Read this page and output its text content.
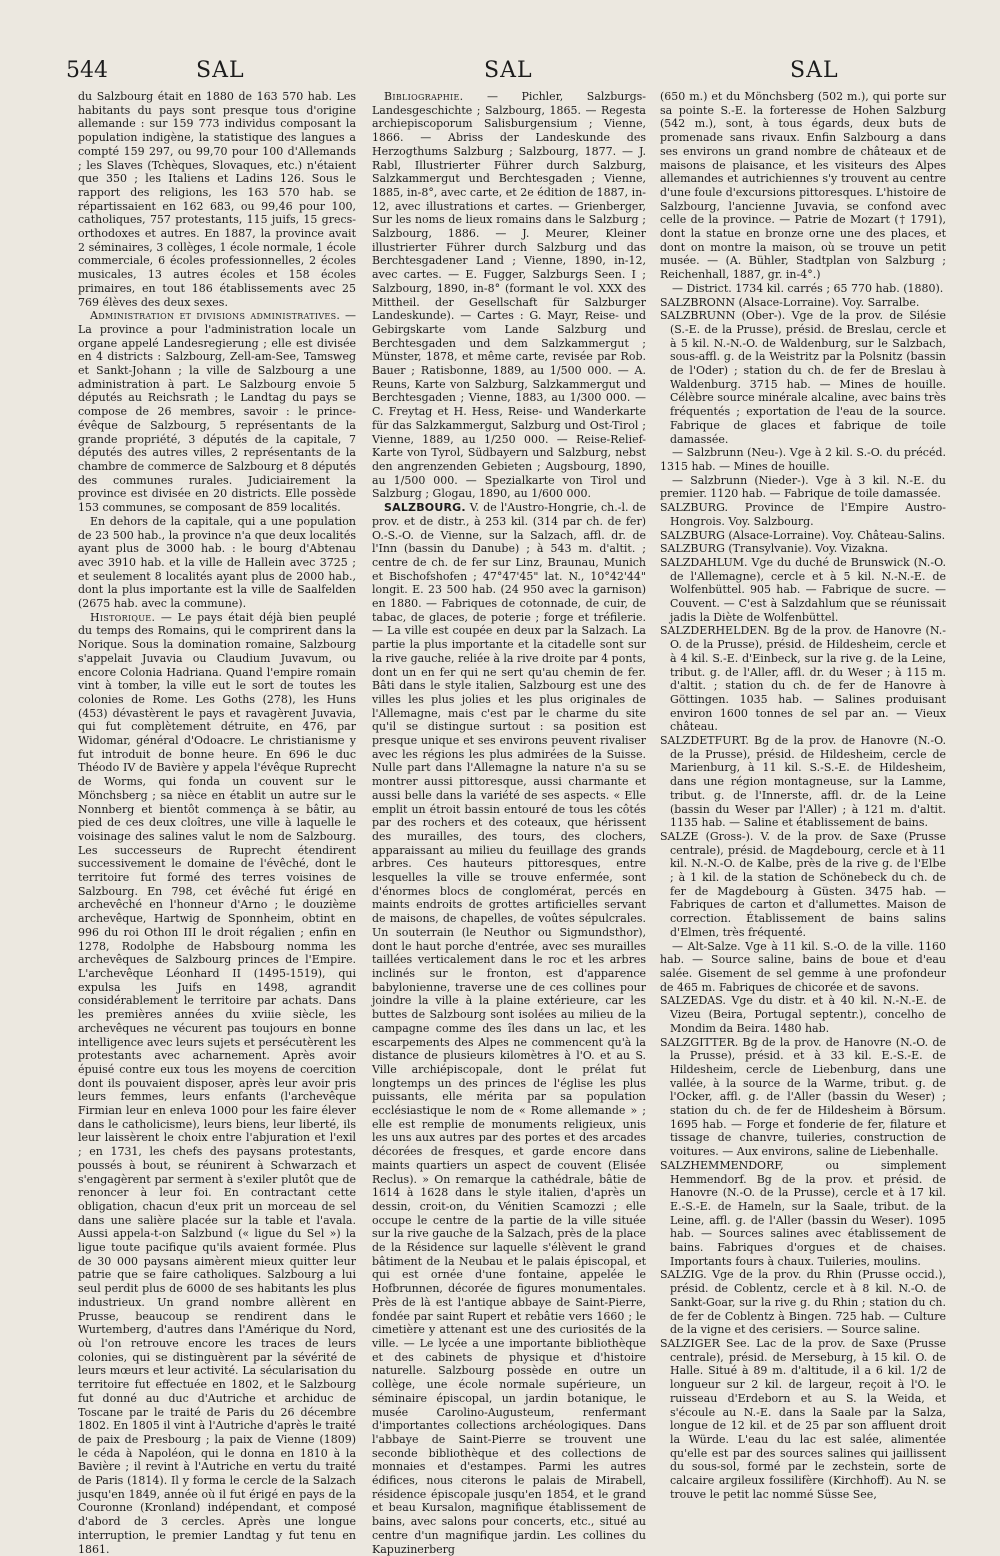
544	SAL	SAL	SAL

du Salzbourg était en 1880 de 163 570 hab. Les habitants du pays sont presque tous d'origine allemande : sur 159 773 individus composant la population indigène, la statistique des langues a compté 159 297, ou 99,70 pour 100 d'Allemands ; les Slaves (Tchèques, Slovaques, etc.) n'étaient que 350 ; les Italiens et Ladins 126. Sous le rapport des religions, les 163 570 hab. se répartissaient en 162 683, ou 99,46 pour 100, catholiques, 757 protestants, 115 juifs, 15 grecs-orthodoxes et autres. En 1887, la province avait 2 séminaires, 3 collèges, 1 école normale, 1 école commerciale, 6 écoles professionnelles, 2 écoles musicales, 13 autres écoles et 158 écoles primaires, en tout 186 établissements avec 25 769 élèves des deux sexes.

Administration et divisions administratives. — La province a pour l'administration locale un organe appelé Landesregierung ; elle est divisée en 4 districts : Salzbourg, Zell-am-See, Tamsweg et Sankt-Johann ; la ville de Salzbourg a une administration à part. Le Salzbourg envoie 5 députés au Reichsrath ; le Landtag du pays se compose de 26 membres, savoir : le prince-évêque de Salzbourg, 5 représentants de la grande propriété, 3 députés de la capitale, 7 députés des autres villes, 2 représentants de la chambre de commerce de Salzbourg et 8 députés des communes rurales. Judiciairement la province est divisée en 20 districts. Elle possède 153 communes, se composant de 859 localités.

En dehors de la capitale, qui a une population de 23 500 hab., la province n'a que deux localités ayant plus de 3000 hab. : le bourg d'Abtenau avec 3910 hab. et la ville de Hallein avec 3725 ; et seulement 8 localités ayant plus de 2000 hab., dont la plus importante est la ville de Saalfelden (2675 hab. avec la commune).

Historique. — Le pays était déjà bien peuplé du temps des Romains, qui le comprirent dans la Norique. Sous la domination romaine, Salzbourg s'appelait Juvavia ou Claudium Juvavum, ou encore Colonia Hadriana. Quand l'empire romain vint à tomber, la ville eut le sort de toutes les colonies de Rome. Les Goths (278), les Huns (453) dévastèrent le pays et ravagèrent Juvavia, qui fut complètement détruite, en 476, par Widomar, général d'Odoacre. Le christianisme y fut introduit de bonne heure. En 696 le duc Théodo IV de Bavière y appela l'évêque Ruprecht de Worms, qui fonda un couvent sur le Mönchsberg ; sa nièce en établit un autre sur le Nonnberg et bientôt commença à se bâtir, au pied de ces deux cloîtres, une ville à laquelle le voisinage des salines valut le nom de Salzbourg. Les successeurs de Ruprecht étendirent successivement le domaine de l'évêché, dont le territoire fut formé des terres voisines de Salzbourg. En 798, cet évêché fut érigé en archevêché en l'honneur d'Arno ; le douzième archevêque, Hartwig de Sponnheim, obtint en 996 du roi Othon III le droit régalien ; enfin en 1278, Rodolphe de Habsbourg nomma les archevêques de Salzbourg princes de l'Empire. L'archevêque Léonhard II (1495-1519), qui expulsa les Juifs en 1498, agrandit considérablement le territoire par achats. Dans les premières années du xviiie siècle, les archevêques ne vécurent pas toujours en bonne intelligence avec leurs sujets et persécutèrent les protestants avec acharnement. Après avoir épuisé contre eux tous les moyens de coercition dont ils pouvaient disposer, après leur avoir pris leurs femmes, leurs enfants (l'archevêque Firmian leur en enleva 1000 pour les faire élever dans le catholicisme), leurs biens, leur liberté, ils leur laissèrent le choix entre l'abjuration et l'exil ; en 1731, les chefs des paysans protestants, poussés à bout, se réunirent à Schwarzach et s'engagèrent par serment à s'exiler plutôt que de renoncer à leur foi. En contractant cette obligation, chacun d'eux prit un morceau de sel dans une salière placée sur la table et l'avala. Aussi appela-t-on Salzbund (« ligue du Sel ») la ligue toute pacifique qu'ils avaient formée. Plus de 30 000 paysans aimèrent mieux quitter leur patrie que se faire catholiques. Salzbourg a lui seul perdit plus de 6000 de ses habitants les plus industrieux. Un grand nombre allèrent en Prusse, beaucoup se rendirent dans le Wurtemberg, d'autres dans l'Amérique du Nord, où l'on retrouve encore les traces de leurs colonies, qui se distinguèrent par la sévérité de leurs mœurs et leur activité. La sécularisation du territoire fut effectuée en 1802, et le Salzbourg fut donné au duc d'Autriche et archiduc de Toscane par le traité de Paris du 26 décembre 1802. En 1805 il vint à l'Autriche d'après le traité de paix de Presbourg ; la paix de Vienne (1809) le céda à Napoléon, qui le donna en 1810 à la Bavière ; il revint à l'Autriche en vertu du traité de Paris (1814). Il y forma le cercle de la Salzach jusqu'en 1849, année où il fut érigé en pays de la Couronne (Kronland) indépendant, et composé d'abord de 3 cercles. Après une longue interruption, le premier Landtag y fut tenu en 1861.

Bibliographie. — Pichler, Salzburgs-Landesgeschichte ; Salzbourg, 1865. — Regesta archiepiscoporum Salisburgensium ; Vienne, 1866. — Abriss der Landeskunde des Herzogthums Salzburg ; Salzbourg, 1877. — J. Rabl, Illustrierter Führer durch Salzburg, Salzkammergut und Berchtesgaden ; Vienne, 1885, in-8°, avec carte, et 2e édition de 1887, in-12, avec illustrations et cartes. — Grienberger, Sur les noms de lieux romains dans le Salzburg ; Salzbourg, 1886. — J. Meurer, Kleiner illustrierter Führer durch Salzburg und das Berchtesgadener Land ; Vienne, 1890, in-12, avec cartes. — E. Fugger, Salzburgs Seen. I ; Salzbourg, 1890, in-8° (formant le vol. XXX des Mittheil. der Gesellschaft für Salzburger Landeskunde). — Cartes : G. Mayr, Reise- und Gebirgskarte vom Lande Salzburg und Berchtesgaden und dem Salzkammergut ; Münster, 1878, et même carte, revisée par Rob. Bauer ; Ratisbonne, 1889, au 1/500 000. — A. Reuns, Karte von Salzburg, Salzkammergut und Berchtesgaden ; Vienne, 1883, au 1/300 000. — C. Freytag et H. Hess, Reise- und Wanderkarte für das Salzkammergut, Salzburg und Ost-Tirol ; Vienne, 1889, au 1/250 000. — Reise-Relief-Karte von Tyrol, Südbayern und Salzburg, nebst den angrenzenden Gebieten ; Augsbourg, 1890, au 1/500 000. — Spezialkarte von Tirol und Salzburg ; Glogau, 1890, au 1/600 000.

SALZBOURG. V. de l'Austro-Hongrie, ch.-l. de prov. et de distr., à 253 kil. (314 par ch. de fer) O.-S.-O. de Vienne, sur la Salzach, affl. dr. de l'Inn (bassin du Danube) ; à 543 m. d'altit. ; centre de ch. de fer sur Linz, Braunau, Munich et Bischofshofen ; 47°47'45" lat. N., 10°42'44" longit. E. 23 500 hab. (24 950 avec la garnison) en 1880. — Fabriques de cotonnade, de cuir, de tabac, de glaces, de poterie ; forge et tréfilerie. — La ville est coupée en deux par la Salzach. La partie la plus importante et la citadelle sont sur la rive gauche, reliée à la rive droite par 4 ponts, dont un en fer qui ne sert qu'au chemin de fer. Bâti dans le style italien, Salzbourg est une des villes les plus jolies et les plus originales de l'Allemagne, mais c'est par le charme du site qu'il se distingue surtout : sa position est presque unique et ses environs peuvent rivaliser avec les régions les plus admirées de la Suisse. Nulle part dans l'Allemagne la nature n'a su se montrer aussi pittoresque, aussi charmante et aussi belle dans la variété de ses aspects. « Elle emplit un étroit bassin entouré de tous les côtés par des rochers et des coteaux, que hérissent des murailles, des tours, des clochers, apparaissant au milieu du feuillage des grands arbres. Ces hauteurs pittoresques, entre lesquelles la ville se trouve enfermée, sont d'énormes blocs de conglomérat, percés en maints endroits de grottes artificielles servant de maisons, de chapelles, de voûtes sépulcrales. Un souterrain (le Neuthor ou Sigmundsthor), dont le haut porche d'entrée, avec ses murailles taillées verticalement dans le roc et les arbres inclinés sur le fronton, est d'apparence babylonienne, traverse une de ces collines pour joindre la ville à la plaine extérieure, car les buttes de Salzbourg sont isolées au milieu de la campagne comme des îles dans un lac, et les escarpements des Alpes ne commencent qu'à la distance de plusieurs kilomètres à l'O. et au S. Ville archiépiscopale, dont le prélat fut longtemps un des princes de l'église les plus puissants, elle mérita par sa population ecclésiastique le nom de « Rome allemande » ; elle est remplie de monuments religieux, unis les uns aux autres par des portes et des arcades décorées de fresques, et garde encore dans maints quartiers un aspect de couvent (Elisée Reclus). » On remarque la cathédrale, bâtie de 1614 à 1628 dans le style italien, d'après un dessin, croit-on, du Vénitien Scamozzi ; elle occupe le centre de la partie de la ville située sur la rive gauche de la Salzach, près de la place de la Résidence sur laquelle s'élèvent le grand bâtiment de la Neubau et le palais épiscopal, et qui est ornée d'une fontaine, appelée le Hofbrunnen, décorée de figures monumentales. Près de là est l'antique abbaye de Saint-Pierre, fondée par saint Rupert et rebâtie vers 1660 ; le cimetière y attenant est une des curiosités de la ville. — Le lycée a une importante bibliothèque et des cabinets de physique et d'histoire naturelle. Salzbourg possède en outre un collège, une école normale supérieure, un séminaire épiscopal, un jardin botanique, le musée Carolino-Augusteum, renfermant d'importantes collections archéologiques. Dans l'abbaye de Saint-Pierre se trouvent une seconde bibliothèque et des collections de monnaies et d'estampes. Parmi les autres édifices, nous citerons le palais de Mirabell, résidence épiscopale jusqu'en 1854, et le grand et beau Kursalon, magnifique établissement de bains, avec salons pour concerts, etc., situé au centre d'un magnifique jardin. Les collines du Kapuzinerberg

(650 m.) et du Mönchsberg (502 m.), qui porte sur sa pointe S.-E. la forteresse de Hohen Salzburg (542 m.), sont, à tous égards, deux buts de promenade sans rivaux. Enfin Salzbourg a dans ses environs un grand nombre de châteaux et de maisons de plaisance, et les visiteurs des Alpes allemandes et autrichiennes s'y trouvent au centre d'une foule d'excursions pittoresques. L'histoire de Salzbourg, l'ancienne Juvavia, se confond avec celle de la province. — Patrie de Mozart († 1791), dont la statue en bronze orne une des places, et dont on montre la maison, où se trouve un petit musée. — (A. Bühler, Stadtplan von Salzburg ; Reichenhall, 1887, gr. in-4°.)

— District. 1734 kil. carrés ; 65 770 hab. (1880).

SALZBRONN (Alsace-Lorraine). Voy. Sarralbe.

SALZBRUNN (Ober-). Vge de la prov. de Silésie (S.-E. de la Prusse), présid. de Breslau, cercle et à 5 kil. N.-N.-O. de Waldenburg, sur le Salzbach, sous-affl. g. de la Weistritz par la Polsnitz (bassin de l'Oder) ; station du ch. de fer de Breslau à Waldenburg. 3715 hab. — Mines de houille. Célèbre source minérale alcaline, avec bains très fréquentés ; exportation de l'eau de la source. Fabrique de glaces et fabrique de toile damassée.

— Salzbrunn (Neu-). Vge à 2 kil. S.-O. du précéd. 1315 hab. — Mines de houille.

— Salzbrunn (Nieder-). Vge à 3 kil. N.-E. du premier. 1120 hab. — Fabrique de toile damassée.

SALZBURG. Province de l'Empire Austro-Hongrois. Voy. Salzbourg.

SALZBURG (Alsace-Lorraine). Voy. Château-Salins.

SALZBURG (Transylvanie). Voy. Vizakna.

SALZDAHLUM. Vge du duché de Brunswick (N.-O. de l'Allemagne), cercle et à 5 kil. N.-N.-E. de Wolfenbüttel. 905 hab. — Fabrique de sucre. — Couvent. — C'est à Salzdahlum que se réunissait jadis la Diète de Wolfenbüttel.

SALZDERHELDEN. Bg de la prov. de Hanovre (N.-O. de la Prusse), présid. de Hildesheim, cercle et à 4 kil. S.-E. d'Einbeck, sur la rive g. de la Leine, tribut. g. de l'Aller, affl. dr. du Weser ; à 115 m. d'altit. ; station du ch. de fer de Hanovre à Göttingen. 1035 hab. — Salines produisant environ 1600 tonnes de sel par an. — Vieux château.

SALZDETFURT. Bg de la prov. de Hanovre (N.-O. de la Prusse), présid. de Hildesheim, cercle de Marienburg, à 11 kil. S.-S.-E. de Hildesheim, dans une région montagneuse, sur la Lamme, tribut. g. de l'Innerste, affl. dr. de la Leine (bassin du Weser par l'Aller) ; à 121 m. d'altit. 1135 hab. — Saline et établissement de bains.

SALZE (Gross-). V. de la prov. de Saxe (Prusse centrale), présid. de Magdebourg, cercle et à 11 kil. N.-N.-O. de Kalbe, près de la rive g. de l'Elbe ; à 1 kil. de la station de Schönebeck du ch. de fer de Magdebourg à Güsten. 3475 hab. — Fabriques de carton et d'allumettes. Maison de correction. Établissement de bains salins d'Elmen, très fréquenté.

— Alt-Salze. Vge à 11 kil. S.-O. de la ville. 1160 hab. — Source saline, bains de boue et d'eau salée. Gisement de sel gemme à une profondeur de 465 m. Fabriques de chicorée et de savons.

SALZEDAS. Vge du distr. et à 40 kil. N.-N.-E. de Vizeu (Beira, Portugal septentr.), concelho de Mondim da Beira. 1480 hab.

SALZGITTER. Bg de la prov. de Hanovre (N.-O. de la Prusse), présid. et à 33 kil. E.-S.-E. de Hildesheim, cercle de Liebenburg, dans une vallée, à la source de la Warme, tribut. g. de l'Ocker, affl. g. de l'Aller (bassin du Weser) ; station du ch. de fer de Hildesheim à Börsum. 1695 hab. — Forge et fonderie de fer, filature et tissage de chanvre, tuileries, construction de voitures. — Aux environs, saline de Liebenhalle.

SALZHEMMENDORF, ou simplement Hemmendorf. Bg de la prov. et présid. de Hanovre (N.-O. de la Prusse), cercle et à 17 kil. E.-S.-E. de Hameln, sur la Saale, tribut. de la Leine, affl. g. de l'Aller (bassin du Weser). 1095 hab. — Sources salines avec établissement de bains. Fabriques d'orgues et de chaises. Importants fours à chaux. Tuileries, moulins.

SALZIG. Vge de la prov. du Rhin (Prusse occid.), présid. de Coblentz, cercle et à 8 kil. N.-O. de Sankt-Goar, sur la rive g. du Rhin ; station du ch. de fer de Coblentz à Bingen. 725 hab. — Culture de la vigne et des cerisiers. — Source saline.

SALZIGER See. Lac de la prov. de Saxe (Prusse centrale), présid. de Merseburg, à 15 kil. O. de Halle. Situé à 89 m. d'altitude, il a 6 kil. 1/2 de longueur sur 2 kil. de largeur, reçoit à l'O. le ruisseau d'Erdeborn et au S. la Weida, et s'écoule au N.-E. dans la Saale par la Salza, longue de 12 kil. et de 25 par son affluent droit la Würde. L'eau du lac est salée, alimentée qu'elle est par des sources salines qui jaillissent du sous-sol, formé par le zechstein, sorte de calcaire argileux fossilifère (Kirchhoff). Au N. se trouve le petit lac nommé Süsse See,
